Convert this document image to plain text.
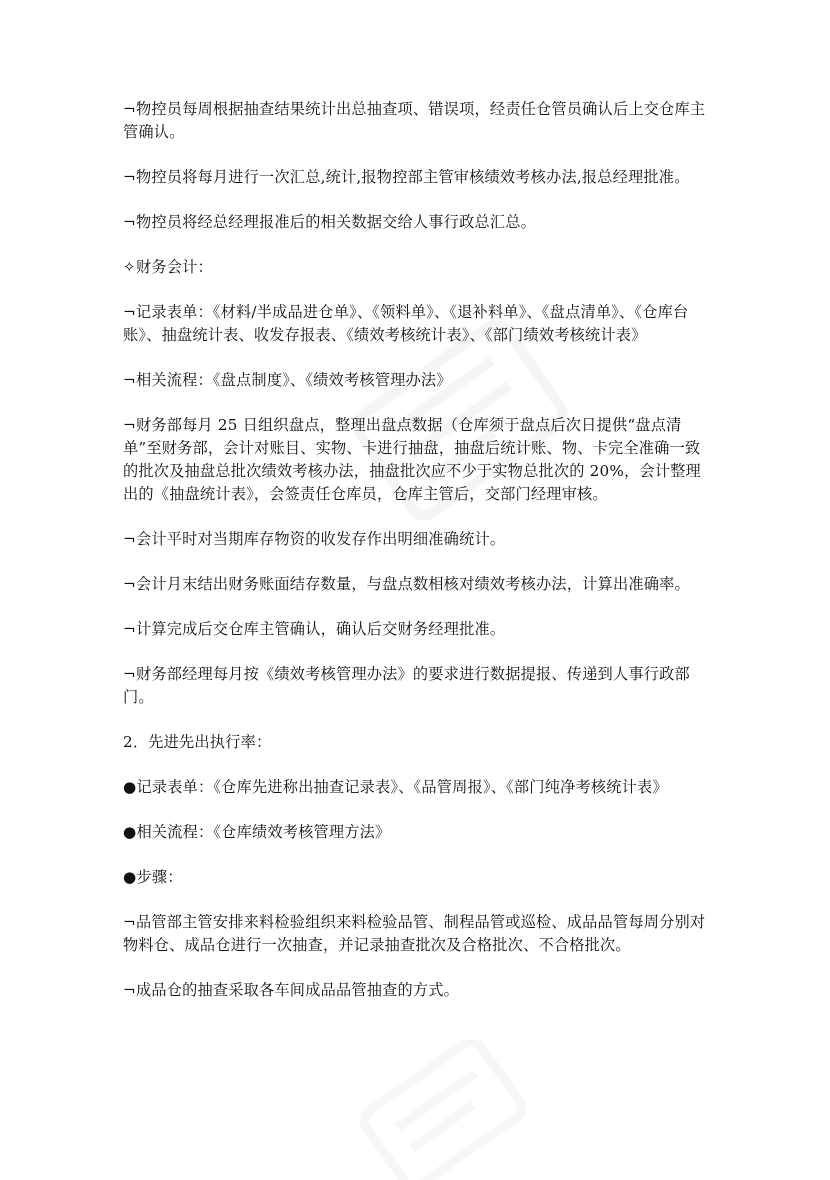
¬物控员每周根据抽查结果统计出总抽查项、错误项，经责任仓管员确认后上交仓库主管确认。

¬物控员将每月进行一次汇总,统计,报物控部主管审核绩效考核办法,报总经理批准。

¬物控员将经总经理报准后的相关数据交给人事行政总汇总。

✧财务会计：

¬记录表单：《材料/半成品进仓单》、《领料单》、《退补料单》、《盘点清单》、《仓库台账》、抽盘统计表、收发存报表、《绩效考核统计表》、《部门绩效考核统计表》

¬相关流程：《盘点制度》、《绩效考核管理办法》

¬财务部每月 25 日组织盘点，整理出盘点数据（仓库须于盘点后次日提供“盘点清单”至财务部，会计对账目、实物、卡进行抽盘，抽盘后统计账、物、卡完全准确一致的批次及抽盘总批次绩效考核办法，抽盘批次应不少于实物总批次的 20%，会计整理出的《抽盘统计表》，会签责任仓库员，仓库主管后，交部门经理审核。

¬会计平时对当期库存物资的收发存作出明细准确统计。

¬会计月末结出财务账面结存数量，与盘点数相核对绩效考核办法，计算出准确率。

¬计算完成后交仓库主管确认，确认后交财务经理批准。

¬财务部经理每月按《绩效考核管理办法》的要求进行数据提报、传递到人事行政部门。

2．先进先出执行率：

●记录表单：《仓库先进称出抽查记录表》、《品管周报》、《部门纯净考核统计表》

●相关流程：《仓库绩效考核管理方法》

●步骤：

¬品管部主管安排来料检验组织来料检验品管、制程品管或巡检、成品品管每周分别对物料仓、成品仓进行一次抽查，并记录抽查批次及合格批次、不合格批次。

¬成品仓的抽查采取各车间成品品管抽查的方式。
